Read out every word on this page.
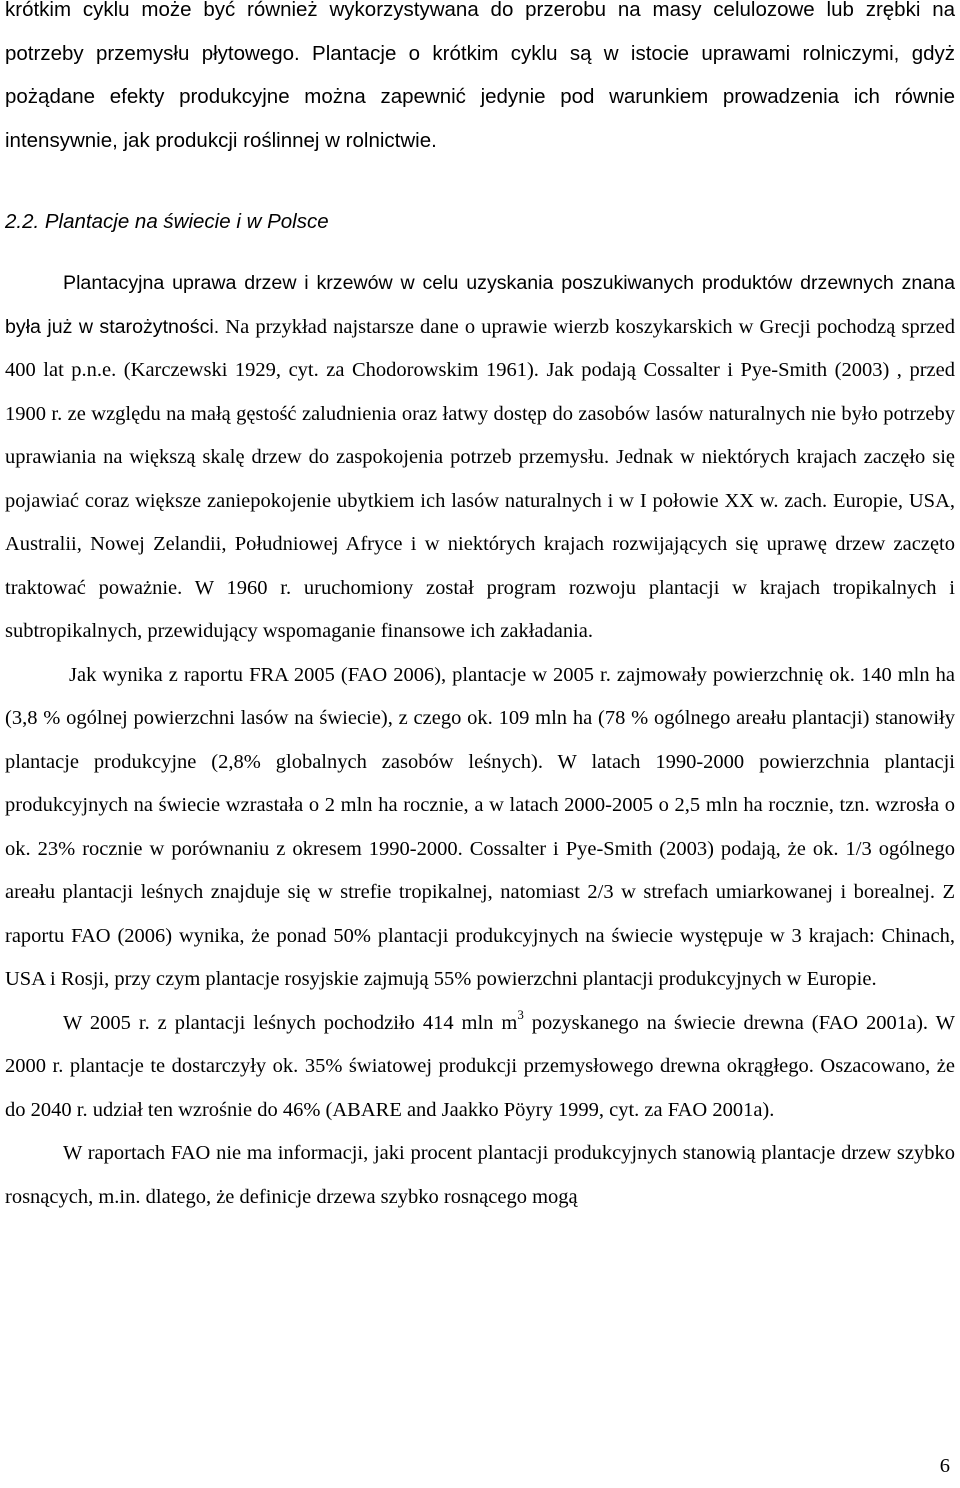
krótkim cyklu może być również wykorzystywana do przerobu na masy celulozowe lub zrębki na potrzeby przemysłu płytowego. Plantacje o krótkim cyklu są w istocie uprawami rolniczymi, gdyż pożądane efekty produkcyjne można zapewnić jedynie pod warunkiem prowadzenia ich równie intensywnie, jak produkcji roślinnej w rolnictwie.

2.2. Plantacje na świecie i w Polsce

Plantacyjna uprawa drzew i krzewów w celu uzyskania poszukiwanych produktów drzewnych znana była już w starożytności. Na przykład najstarsze dane o uprawie wierzb koszykarskich w Grecji pochodzą sprzed 400 lat p.n.e. (Karczewski 1929, cyt. za Chodorowskim 1961). Jak podają Cossalter i Pye-Smith (2003) , przed 1900 r. ze względu na małą gęstość zaludnienia oraz łatwy dostęp do zasobów lasów naturalnych nie było potrzeby uprawiania na większą skalę drzew do zaspokojenia potrzeb przemysłu. Jednak w niektórych krajach zaczęło się pojawiać coraz większe zaniepokojenie ubytkiem ich lasów naturalnych i w I połowie XX w. zach. Europie, USA, Australii, Nowej Zelandii, Południowej Afryce i w niektórych krajach rozwijających się uprawę drzew zaczęto traktować poważnie. W 1960 r. uruchomiony został program rozwoju plantacji w krajach tropikalnych i subtropikalnych, przewidujący wspomaganie finansowe ich zakładania.

Jak wynika z raportu FRA 2005 (FAO 2006), plantacje w 2005 r. zajmowały powierzchnię ok. 140 mln ha (3,8 % ogólnej powierzchni lasów na świecie), z czego ok. 109 mln ha (78 % ogólnego areału plantacji) stanowiły plantacje produkcyjne (2,8% globalnych zasobów leśnych). W latach 1990-2000 powierzchnia plantacji produkcyjnych na świecie wzrastała o 2 mln ha rocznie, a w latach 2000-2005 o 2,5 mln ha rocznie, tzn. wzrosła o ok. 23% rocznie w porównaniu z okresem 1990-2000. Cossalter i Pye-Smith (2003) podają, że ok. 1/3 ogólnego areału plantacji leśnych znajduje się w strefie tropikalnej, natomiast 2/3 w strefach umiarkowanej i borealnej. Z raportu FAO (2006) wynika, że ponad 50% plantacji produkcyjnych na świecie występuje w 3 krajach: Chinach, USA i Rosji, przy czym plantacje rosyjskie zajmują 55% powierzchni plantacji produkcyjnych w Europie.

W 2005 r. z plantacji leśnych pochodziło 414 mln $m^3$ pozyskanego na świecie drewna (FAO 2001a). W 2000 r. plantacje te dostarczyły ok. 35% światowej produkcji przemysłowego drewna okrągłego. Oszacowano, że do 2040 r. udział ten wzrośnie do 46% (ABARE and Jaakko Pöyry 1999, cyt. za FAO 2001a).

W raportach FAO nie ma informacji, jaki procent plantacji produkcyjnych stanowią plantacje drzew szybko rosnących, m.in. dlatego, że definicje drzewa szybko rosnącego mogą

6
